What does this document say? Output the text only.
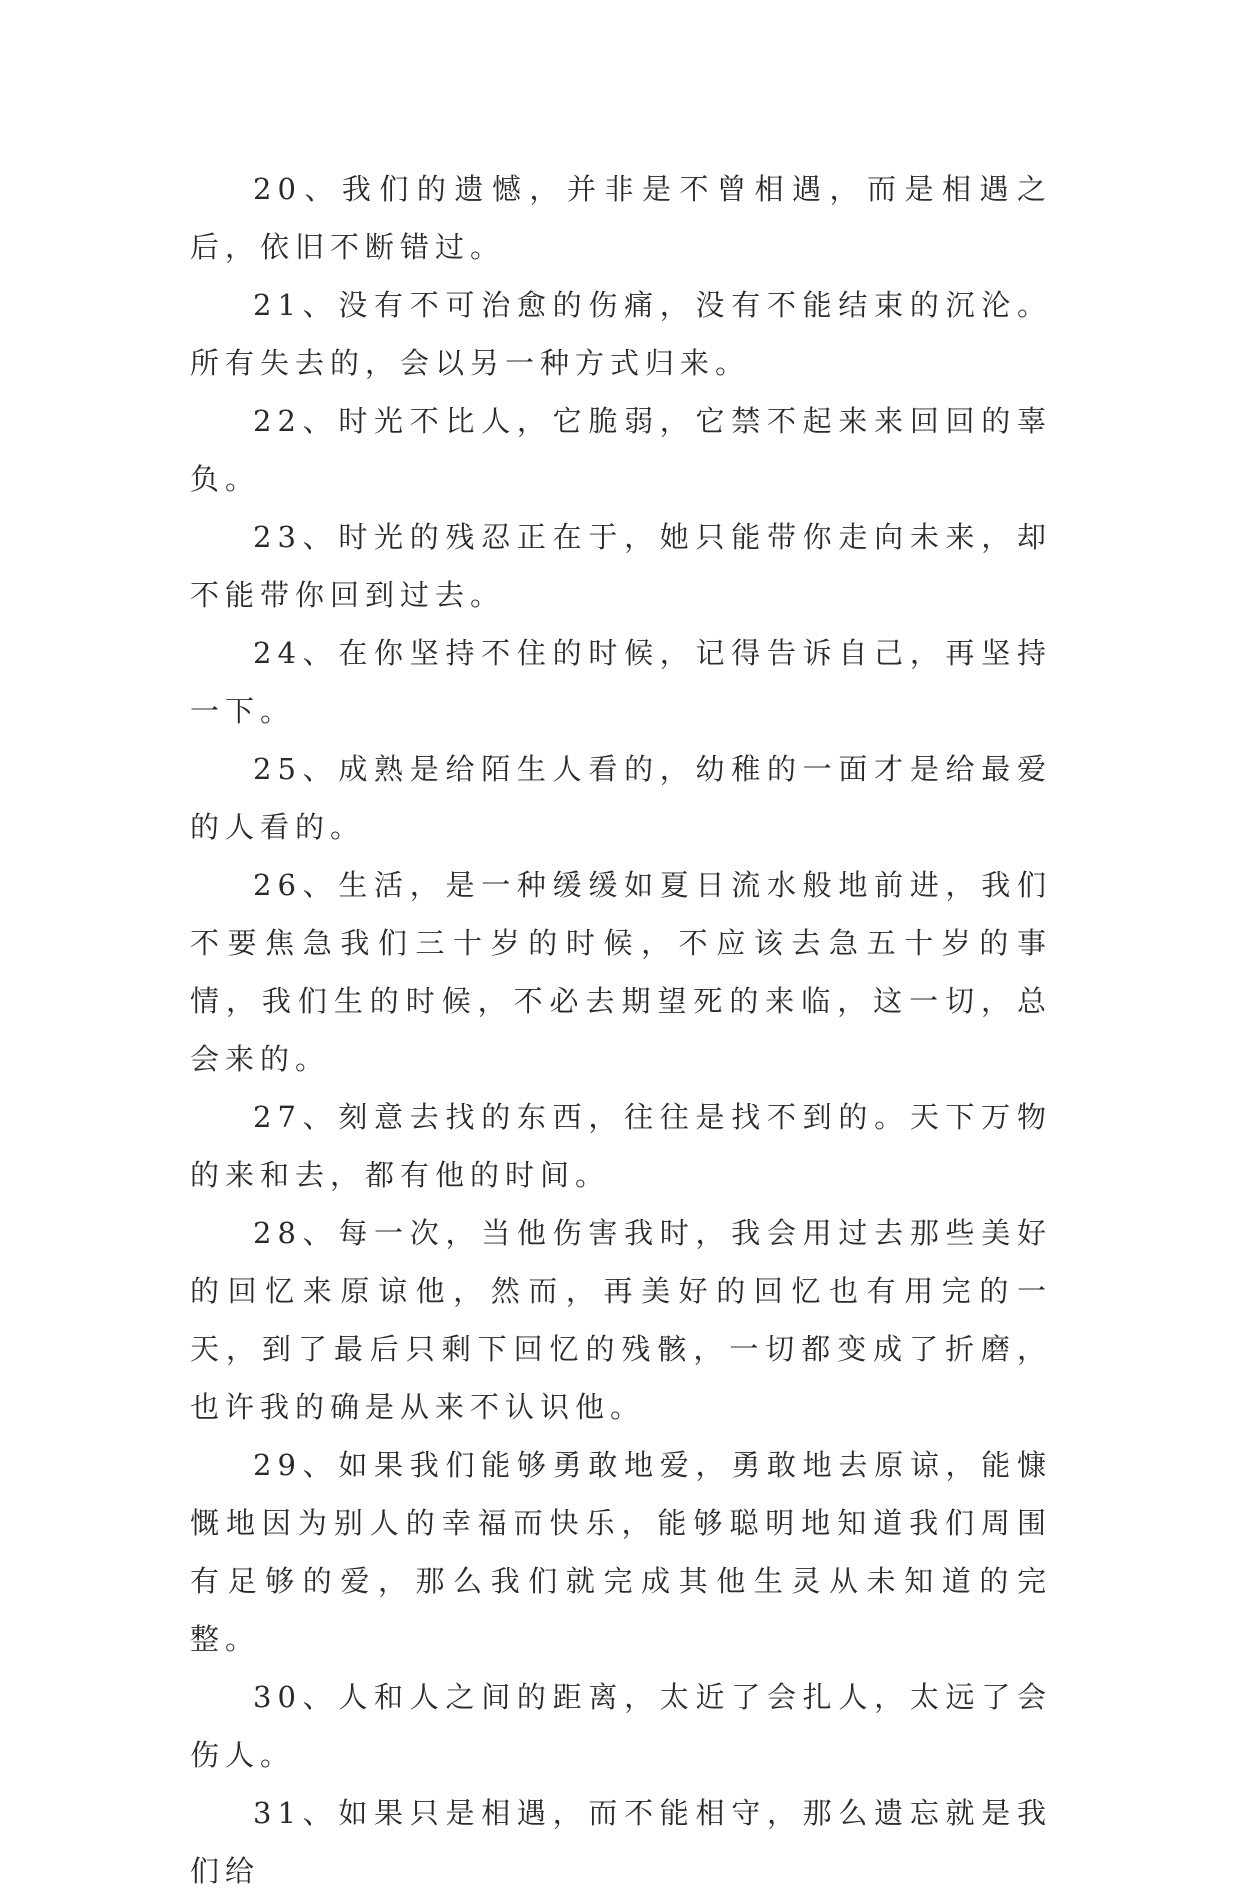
20、我们的遗憾，并非是不曾相遇，而是相遇之后，依旧不断错过。

21、没有不可治愈的伤痛，没有不能结束的沉沦。所有失去的，会以另一种方式归来。

22、时光不比人，它脆弱，它禁不起来来回回的辜负。

23、时光的残忍正在于，她只能带你走向未来，却不能带你回到过去。

24、在你坚持不住的时候，记得告诉自己，再坚持一下。

25、成熟是给陌生人看的，幼稚的一面才是给最爱的人看的。

26、生活，是一种缓缓如夏日流水般地前进，我们不要焦急我们三十岁的时候，不应该去急五十岁的事情，我们生的时候，不必去期望死的来临，这一切，总会来的。

27、刻意去找的东西，往往是找不到的。天下万物的来和去，都有他的时间。

28、每一次，当他伤害我时，我会用过去那些美好的回忆来原谅他，然而，再美好的回忆也有用完的一天，到了最后只剩下回忆的残骸，一切都变成了折磨，也许我的确是从来不认识他。

29、如果我们能够勇敢地爱，勇敢地去原谅，能慷慨地因为别人的幸福而快乐，能够聪明地知道我们周围有足够的爱，那么我们就完成其他生灵从未知道的完整。

30、人和人之间的距离，太近了会扎人，太远了会伤人。

31、如果只是相遇，而不能相守，那么遗忘就是我们给
